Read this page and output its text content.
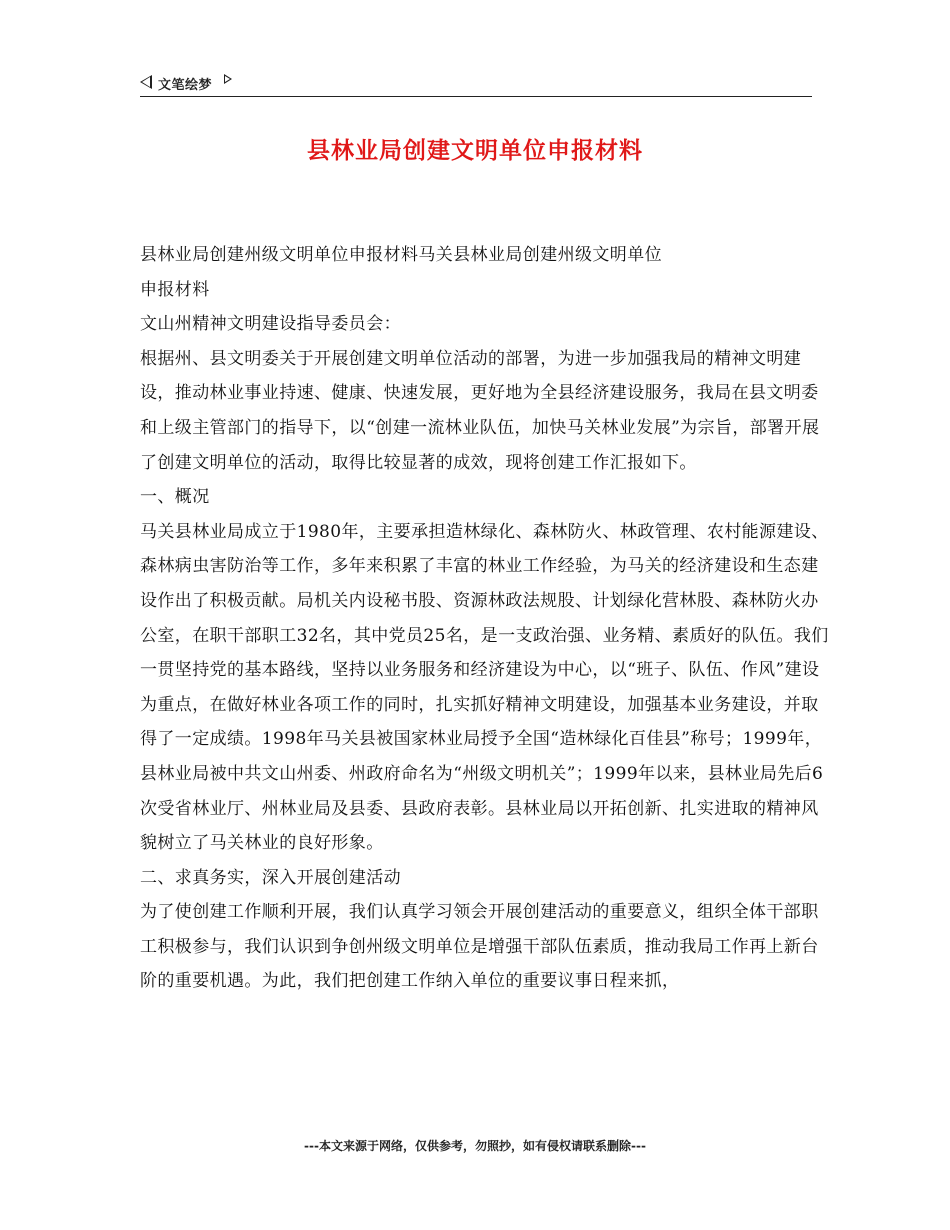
文笔绘梦
县林业局创建文明单位申报材料

县林业局创建州级文明单位申报材料马关县林业局创建州级文明单位

申报材料

文山州精神文明建设指导委员会：

根据州、县文明委关于开展创建文明单位活动的部署，为进一步加强我局的精神文明建设，推动林业事业持速、健康、快速发展，更好地为全县经济建设服务，我局在县文明委和上级主管部门的指导下，以“创建一流林业队伍，加快马关林业发展”为宗旨，部署开展了创建文明单位的活动，取得比较显著的成效，现将创建工作汇报如下。

一、概况

马关县林业局成立于1980年，主要承担造林绿化、森林防火、林政管理、农村能源建设、森林病虫害防治等工作，多年来积累了丰富的林业工作经验，为马关的经济建设和生态建设作出了积极贡献。局机关内设秘书股、资源林政法规股、计划绿化营林股、森林防火办公室，在职干部职工32名，其中党员25名，是一支政治强、业务精、素质好的队伍。我们一贯坚持党的基本路线，坚持以业务服务和经济建设为中心，以“班子、队伍、作风”建设为重点，在做好林业各项工作的同时，扎实抓好精神文明建设，加强基本业务建设，并取得了一定成绩。1998年马关县被国家林业局授予全国“造林绿化百佳县”称号；1999年，县林业局被中共文山州委、州政府命名为“州级文明机关”；1999年以来，县林业局先后6次受省林业厅、州林业局及县委、县政府表彰。县林业局以开拓创新、扎实进取的精神风貌树立了马关林业的良好形象。

二、求真务实，深入开展创建活动

为了使创建工作顺利开展，我们认真学习领会开展创建活动的重要意义，组织全体干部职工积极参与，我们认识到争创州级文明单位是增强干部队伍素质，推动我局工作再上新台阶的重要机遇。为此，我们把创建工作纳入单位的重要议事日程来抓，

---本文来源于网络，仅供参考，勿照抄，如有侵权请联系删除---
